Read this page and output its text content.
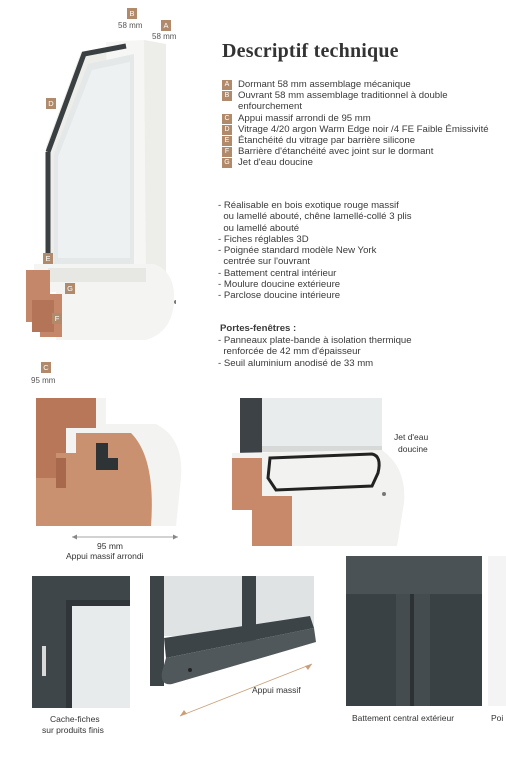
B
A
58 mm
58 mm
D
E
G
F
C
95 mm
Descriptif technique
A Dormant 58 mm assemblage mécanique
B Ouvrant 58 mm assemblage traditionnel à double enfourchement
C Appui massif arrondi de 95 mm
D Vitrage 4/20 argon Warm Edge noir /4 FE Faible Émissivité
E Étanchéité du vitrage par barrière silicone
F Barrière d'étanchéité avec joint sur le dormant
G Jet d'eau doucine
- Réalisable en bois exotique rouge massif
ou lamellé abouté, chêne lamellé-collé 3 plis
ou lamellé abouté
- Fiches réglables 3D
- Poignée standard modèle New York
centrée sur l'ouvrant
- Battement central intérieur
- Moulure doucine extérieure
- Parclose doucine intérieure
Portes-fenêtres :
- Panneaux plate-bande à isolation thermique
renforcée de 42 mm d'épaisseur
- Seuil aluminium anodisé de 33 mm
95 mm
Appui massif arrondi
Jet d'eau
doucine
Cache-fiches
sur produits finis
Appui massif
Battement central extérieur	Poi
